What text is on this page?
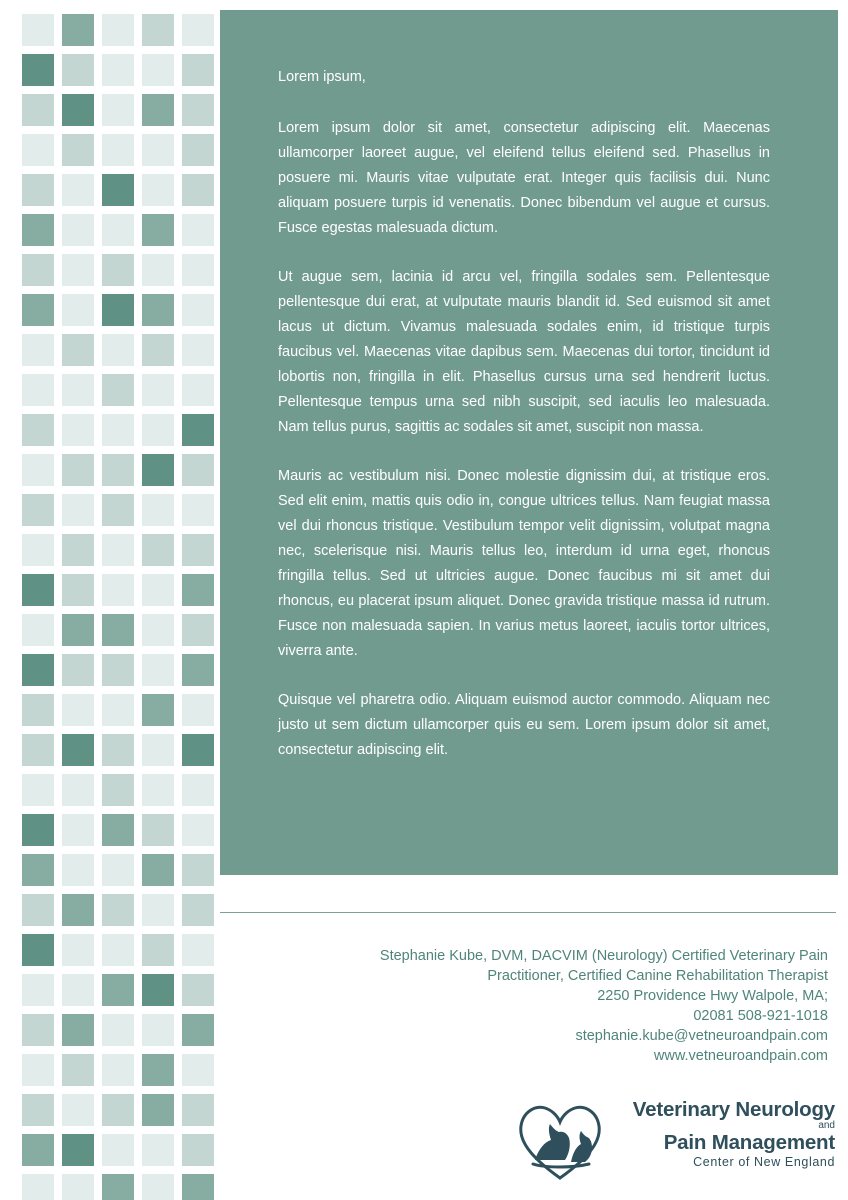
Lorem ipsum,

Lorem ipsum dolor sit amet, consectetur adipiscing elit. Maecenas ullamcorper laoreet augue, vel eleifend tellus eleifend sed. Phasellus in posuere mi. Mauris vitae vulputate erat. Integer quis facilisis dui. Nunc aliquam posuere turpis id venenatis. Donec bibendum vel augue et cursus. Fusce egestas malesuada dictum.

Ut augue sem, lacinia id arcu vel, fringilla sodales sem. Pellentesque pellentesque dui erat, at vulputate mauris blandit id. Sed euismod sit amet lacus ut dictum. Vivamus malesuada sodales enim, id tristique turpis faucibus vel. Maecenas vitae dapibus sem. Maecenas dui tortor, tincidunt id lobortis non, fringilla in elit. Phasellus cursus urna sed hendrerit luctus. Pellentesque tempus urna sed nibh suscipit, sed iaculis leo malesuada. Nam tellus purus, sagittis ac sodales sit amet, suscipit non massa.

Mauris ac vestibulum nisi. Donec molestie dignissim dui, at tristique eros. Sed elit enim, mattis quis odio in, congue ultrices tellus. Nam feugiat massa vel dui rhoncus tristique. Vestibulum tempor velit dignissim, volutpat magna nec, scelerisque nisi. Mauris tellus leo, interdum id urna eget, rhoncus fringilla tellus. Sed ut ultricies augue. Donec faucibus mi sit amet dui rhoncus, eu placerat ipsum aliquet. Donec gravida tristique massa id rutrum. Fusce non malesuada sapien. In varius metus laoreet, iaculis tortor ultrices, viverra ante.

Quisque vel pharetra odio. Aliquam euismod auctor commodo. Aliquam nec justo ut sem dictum ullamcorper quis eu sem. Lorem ipsum dolor sit amet, consectetur adipiscing elit.

Stephanie Kube, DVM, DACVIM (Neurology) Certified Veterinary Pain
Practitioner, Certified Canine Rehabilitation Therapist
2250 Providence Hwy Walpole, MA;
02081 508-921-1018
stephanie.kube@vetneuroandpain.com
www.vetneuroandpain.com
Veterinary Neurology
and
Pain Management
Center of New England
